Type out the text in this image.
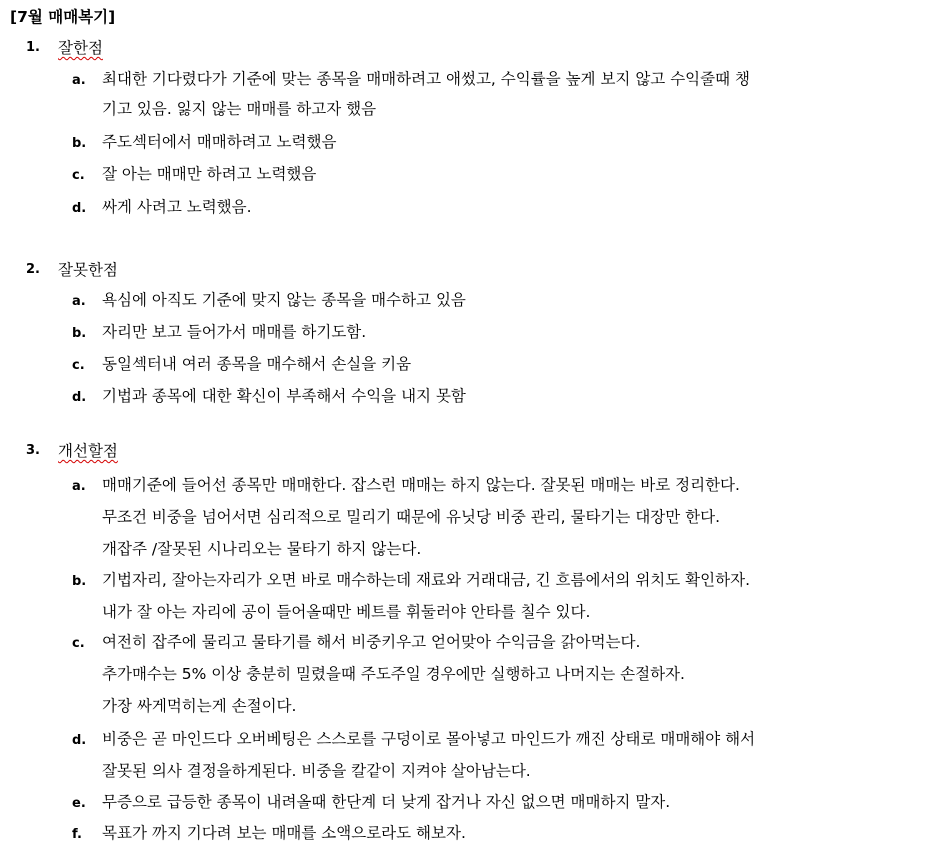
[7월 매매복기]
1. 잘한점
a. 최대한 기다렸다가 기준에 맞는 종목을 매매하려고 애썼고, 수익률을 높게 보지 않고 수익줄때 챙
기고 있음. 잃지 않는 매매를 하고자 했음
b. 주도섹터에서 매매하려고 노력했음
c. 잘 아는 매매만 하려고 노력했음
d. 싸게 사려고 노력했음.
2. 잘못한점
a. 욕심에 아직도 기준에 맞지 않는 종목을 매수하고 있음
b. 자리만 보고 들어가서 매매를 하기도함.
c. 동일섹터내 여러 종목을 매수해서 손실을 키움
d. 기법과 종목에 대한 확신이 부족해서 수익을 내지 못함
3. 개선할점
a. 매매기준에 들어선 종목만 매매한다. 잡스런 매매는 하지 않는다. 잘못된 매매는 바로 정리한다.
무조건 비중을 넘어서면 심리적으로 밀리기 때문에 유닛당 비중 관리, 물타기는 대장만 한다.
개잡주 /잘못된 시나리오는 물타기 하지 않는다.
b. 기법자리, 잘아는자리가 오면 바로 매수하는데 재료와 거래대금, 긴 흐름에서의 위치도 확인하자.
내가 잘 아는 자리에 공이 들어올때만 베트를 휘둘러야 안타를 칠수 있다.
c. 여전히 잡주에 물리고 물타기를 해서 비중키우고 얻어맞아 수익금을 갉아먹는다.
추가매수는 5% 이상 충분히 밀렸을때 주도주일 경우에만 실행하고 나머지는 손절하자.
가장 싸게먹히는게 손절이다.
d. 비중은 곧 마인드다 오버베팅은 스스로를 구덩이로 몰아넣고 마인드가 깨진 상태로 매매해야 해서
잘못된 의사 결정을하게된다. 비중을 칼같이 지켜야 살아남는다.
e. 무증으로 급등한 종목이 내려올때 한단계 더 낮게 잡거나 자신 없으면 매매하지 말자.
f. 목표가 까지 기다려 보는 매매를 소액으로라도 해보자.
